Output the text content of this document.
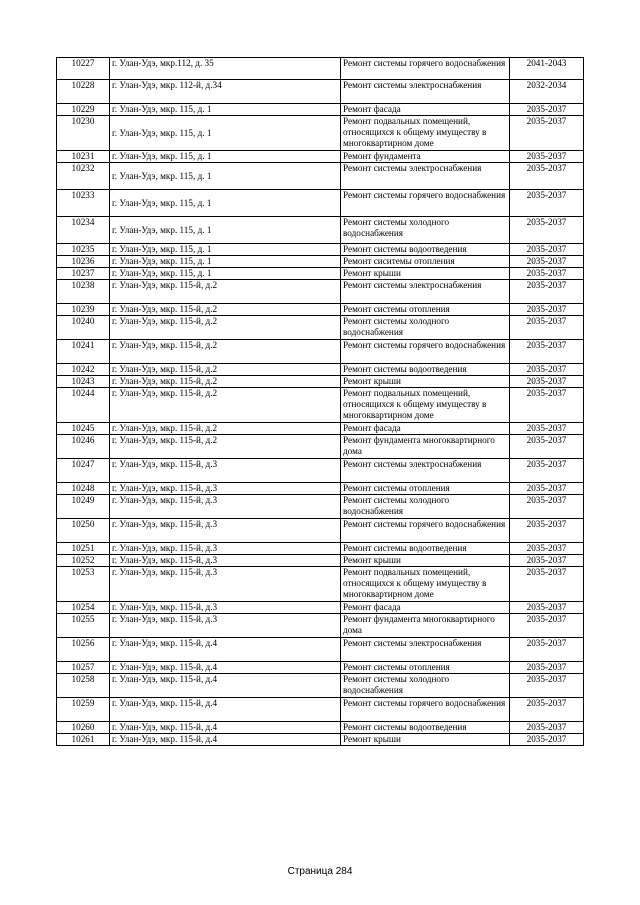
10227	г. Улан-Удэ, мкр.112, д. 35	Ремонт системы горячего водоснабжения	2041-2043
10228	г. Улан-Удэ, мкр. 112-й, д.34	Ремонт системы электроснабжения	2032-2034
10229	г. Улан-Удэ, мкр. 115, д. 1	Ремонт фасада	2035-2037
10230	г. Улан-Удэ, мкр. 115, д. 1	Ремонт подвальных помещений, относящихся к общему имуществу в многоквартирном доме	2035-2037
10231	г. Улан-Удэ, мкр. 115, д. 1	Ремонт фундамента	2035-2037
10232	г. Улан-Удэ, мкр. 115, д. 1	Ремонт системы электроснабжения	2035-2037
10233	г. Улан-Удэ, мкр. 115, д. 1	Ремонт системы горячего водоснабжения	2035-2037
10234	г. Улан-Удэ, мкр. 115, д. 1	Ремонт системы холодного водоснабжения	2035-2037
10235	г. Улан-Удэ, мкр. 115, д. 1	Ремонт системы водоотведения	2035-2037
10236	г. Улан-Удэ, мкр. 115, д. 1	Ремонт сиситемы отопления	2035-2037
10237	г. Улан-Удэ, мкр. 115, д. 1	Ремонт крыши	2035-2037
10238	г. Улан-Удэ, мкр. 115-й, д.2	Ремонт системы электроснабжения	2035-2037
10239	г. Улан-Удэ, мкр. 115-й, д.2	Ремонт системы отопления	2035-2037
10240	г. Улан-Удэ, мкр. 115-й, д.2	Ремонт системы холодного водоснабжения	2035-2037
10241	г. Улан-Удэ, мкр. 115-й, д.2	Ремонт системы горячего водоснабжения	2035-2037
10242	г. Улан-Удэ, мкр. 115-й, д.2	Ремонт системы водоотведения	2035-2037
10243	г. Улан-Удэ, мкр. 115-й, д.2	Ремонт крыши	2035-2037
10244	г. Улан-Удэ, мкр. 115-й, д.2	Ремонт подвальных помещений, относящихся к общему имуществу в многоквартирном доме	2035-2037
10245	г. Улан-Удэ, мкр. 115-й, д.2	Ремонт фасада	2035-2037
10246	г. Улан-Удэ, мкр. 115-й, д.2	Ремонт фундамента многоквартирного дома	2035-2037
10247	г. Улан-Удэ, мкр. 115-й, д.3	Ремонт системы электроснабжения	2035-2037
10248	г. Улан-Удэ, мкр. 115-й, д.3	Ремонт системы отопления	2035-2037
10249	г. Улан-Удэ, мкр. 115-й, д.3	Ремонт системы холодного водоснабжения	2035-2037
10250	г. Улан-Удэ, мкр. 115-й, д.3	Ремонт системы горячего водоснабжения	2035-2037
10251	г. Улан-Удэ, мкр. 115-й, д.3	Ремонт системы водоотведения	2035-2037
10252	г. Улан-Удэ, мкр. 115-й, д.3	Ремонт крыши	2035-2037
10253	г. Улан-Удэ, мкр. 115-й, д.3	Ремонт подвальных помещений, относящихся к общему имуществу в многоквартирном доме	2035-2037
10254	г. Улан-Удэ, мкр. 115-й, д.3	Ремонт фасада	2035-2037
10255	г. Улан-Удэ, мкр. 115-й, д.3	Ремонт фундамента многоквартирного дома	2035-2037
10256	г. Улан-Удэ, мкр. 115-й, д.4	Ремонт системы электроснабжения	2035-2037
10257	г. Улан-Удэ, мкр. 115-й, д.4	Ремонт системы отопления	2035-2037
10258	г. Улан-Удэ, мкр. 115-й, д.4	Ремонт системы холодного водоснабжения	2035-2037
10259	г. Улан-Удэ, мкр. 115-й, д.4	Ремонт системы горячего водоснабжения	2035-2037
10260	г. Улан-Удэ, мкр. 115-й, д.4	Ремонт системы водоотведения	2035-2037
10261	г. Улан-Удэ, мкр. 115-й, д.4	Ремонт крыши	2035-2037
Страница 284
